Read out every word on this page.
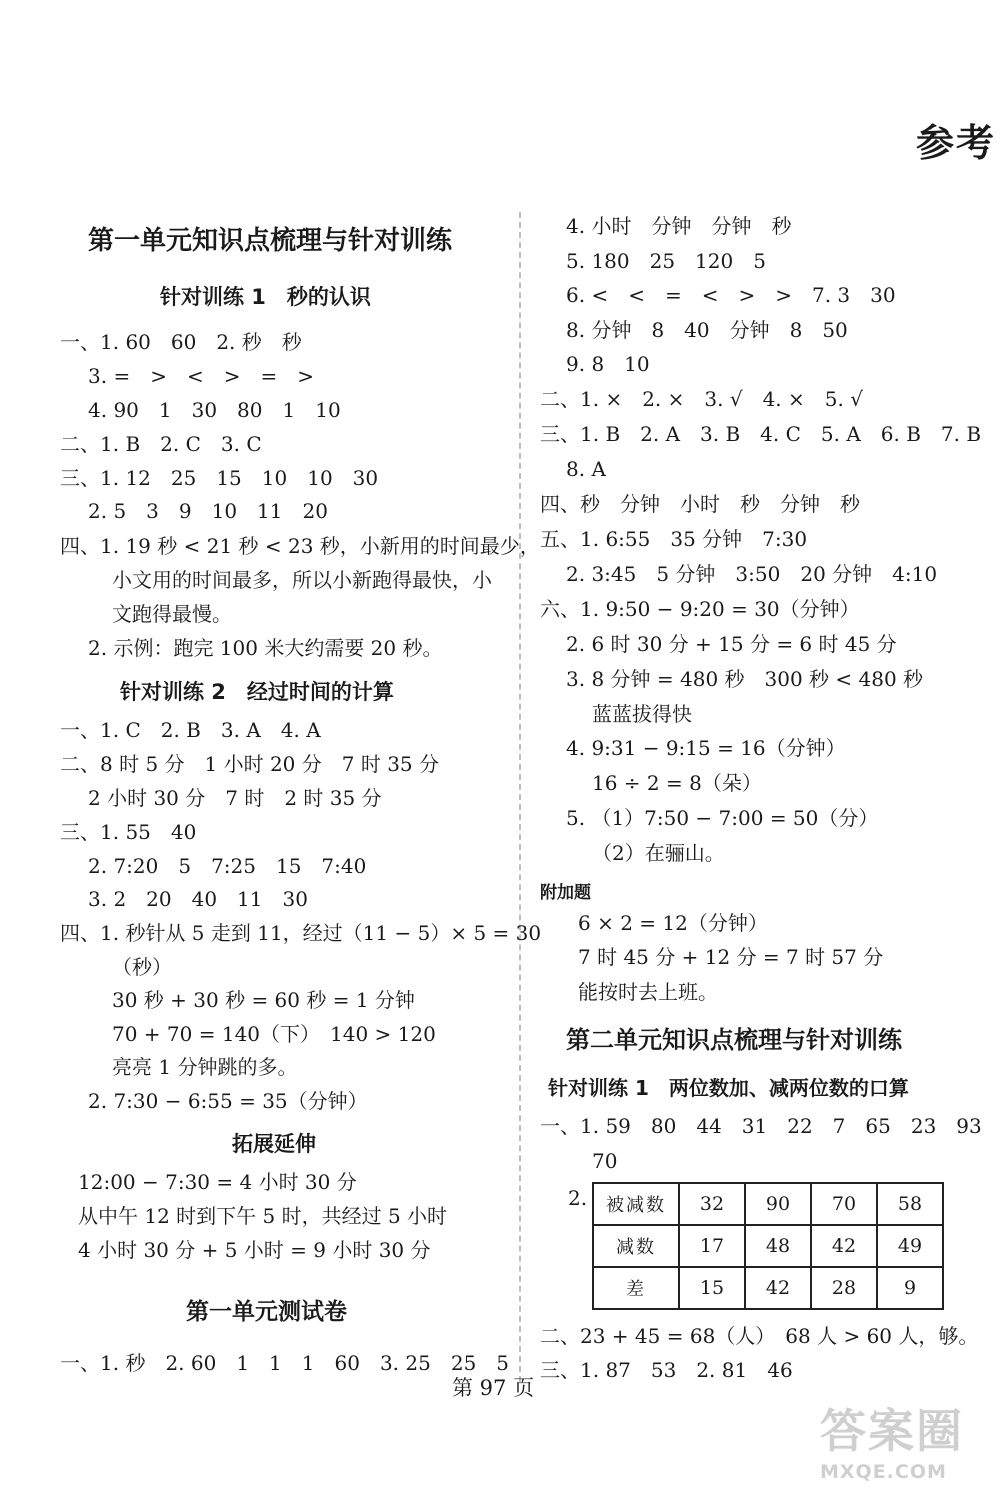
参考
第一单元知识点梳理与针对训练
针对训练 1　秒的认识
一、1. 60　60　2. 秒　秒
3. =　>　<　>　=　>
4. 90　1　30　80　1　10
二、1. B　2. C　3. C
三、1. 12　25　15　10　10　30
2. 5　3　9　10　11　20
四、1. 19 秒 < 21 秒 < 23 秒，小新用的时间最少，
小文用的时间最多，所以小新跑得最快，小
文跑得最慢。
2. 示例：跑完 100 米大约需要 20 秒。
针对训练 2　经过时间的计算
一、1. C　2. B　3. A　4. A
二、8 时 5 分　1 小时 20 分　7 时 35 分
2 小时 30 分　7 时　2 时 35 分
三、1. 55　40
2. 7:20　5　7:25　15　7:40
3. 2　20　40　11　30
四、1. 秒针从 5 走到 11，经过（11 − 5）× 5 = 30
（秒）
30 秒 + 30 秒 = 60 秒 = 1 分钟
70 + 70 = 140（下）　140 > 120
亮亮 1 分钟跳的多。
2. 7:30 − 6:55 = 35（分钟）
拓展延伸
12:00 − 7:30 = 4 小时 30 分
从中午 12 时到下午 5 时，共经过 5 小时
4 小时 30 分 + 5 小时 = 9 小时 30 分
第一单元测试卷
一、1. 秒　2. 60　1　1　1　60　3. 25　25　5
4. 小时　分钟　分钟　秒
5. 180　25　120　5
6. <　<　=　<　>　>　7. 3　30
8. 分钟　8　40　分钟　8　50
9. 8　10
二、1. ×　2. ×　3. √　4. ×　5. √
三、1. B　2. A　3. B　4. C　5. A　6. B　7. B
8. A
四、秒　分钟　小时　秒　分钟　秒
五、1. 6:55　35 分钟　7:30
2. 3:45　5 分钟　3:50　20 分钟　4:10
六、1. 9:50 − 9:20 = 30（分钟）
2. 6 时 30 分 + 15 分 = 6 时 45 分
3. 8 分钟 = 480 秒　300 秒 < 480 秒
蓝蓝拔得快
4. 9:31 − 9:15 = 16（分钟）
16 ÷ 2 = 8（朵）
5. （1）7:50 − 7:00 = 50（分）
（2）在骊山。
附加题
6 × 2 = 12（分钟）
7 时 45 分 + 12 分 = 7 时 57 分
能按时去上班。
第二单元知识点梳理与针对训练
针对训练 1　两位数加、减两位数的口算
一、1. 59　80　44　31　22　7　65　23　93
70
2. 被减数	32	90	70	58
减数	17	48	42	49
差	15	42	28	9
二、23 + 45 = 68（人）　68 人 > 60 人，够。
三、1. 87　53　2. 81　46
第 97 页
答案圈
MXQE.COM
